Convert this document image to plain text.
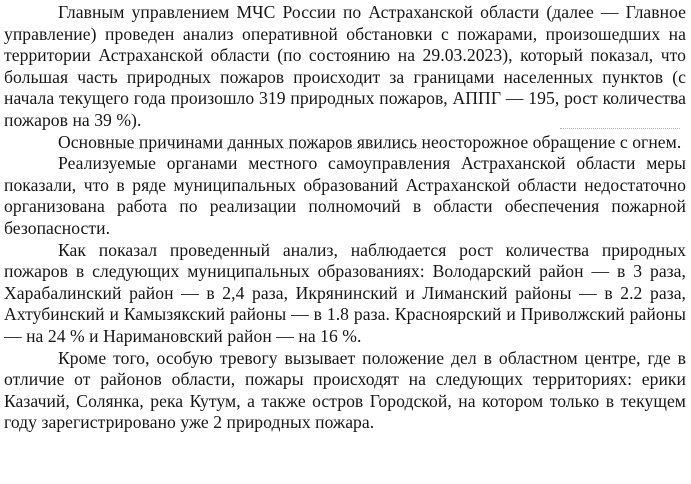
Главным управлением МЧС России по Астраханской области (далее — Главное управление) проведен анализ оперативной обстановки с пожарами, произошедших на территории Астраханской области (по состоянию на 29.03.2023), который показал, что большая часть природных пожаров происходит за границами населенных пунктов (с начала текущего года произошло 319 природных пожаров, АППГ — 195, рост количества пожаров на 39 %).

Основные причинами данных пожаров явились неосторожное обращение с огнем.

Реализуемые органами местного самоуправления Астраханской области меры показали, что в ряде муниципальных образований Астраханской области недостаточно организована работа по реализации полномочий в области обеспечения пожарной безопасности.

Как показал проведенный анализ, наблюдается рост количества природных пожаров в следующих муниципальных образованиях: Володарский район — в 3 раза, Харабалинский район — в 2,4 раза, Икрянинский и Лиманский районы — в 2.2 раза, Ахтубинский и Камызякский районы — в 1.8 раза. Красноярский и Приволжский районы — на 24 % и Наримановский район — на 16 %.

Кроме того, особую тревогу вызывает положение дел в областном центре, где в отличие от районов области, пожары происходят на следующих территориях: ерики Казачий, Солянка, река Кутум, а также остров Городской, на котором только в текущем году зарегистрировано уже 2 природных пожара.
